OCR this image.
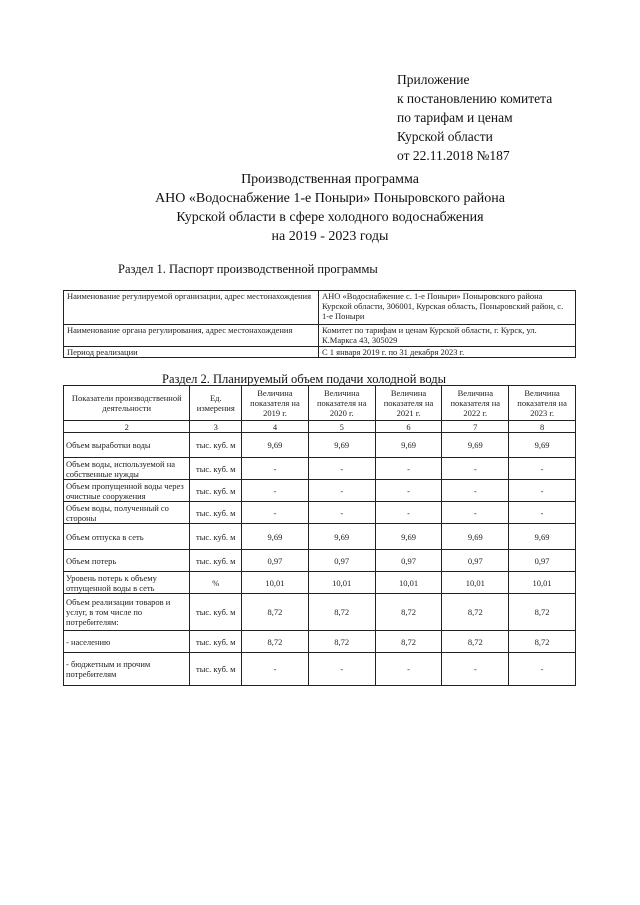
Приложение
к постановлению комитета
по тарифам и ценам
Курской области
от 22.11.2018 №187
Производственная программа
АНО «Водоснабжение 1-е Поныри» Поныровского района
Курской области в сфере холодного водоснабжения
на 2019 - 2023 годы
Раздел 1. Паспорт производственной программы
Наименование регулируемой организации, адрес местонахождения	АНО «Водоснабжение с. 1-е Поныри» Поныровского района Курской области, 306001, Курская область, Поныровский район, с. 1-е Поныри
Наименование органа регулирования, адрес местонахождения	Комитет по тарифам и ценам Курской области, г. Курск, ул. К.Маркса 43, 305029
Период реализации	С 1 января 2019 г. по 31 декабря 2023 г.
Раздел 2. Планируемый объем подачи холодной воды
Показатели производственной деятельности	Ед. измерения	Величина показателя на 2019 г.	Величина показателя на 2020 г.	Величина показателя на 2021 г.	Величина показателя на 2022 г.	Величина показателя на 2023 г.
2	3	4	5	6	7	8
Объем выработки воды	тыс. куб. м	9,69	9,69	9,69	9,69	9,69
Объем воды, используемой на собственные нужды	тыс. куб. м	-	-	-	-	-
Объем пропущенной воды через очистные сооружения	тыс. куб. м	-	-	-	-	-
Объем воды, полученный со стороны	тыс. куб. м	-	-	-	-	-
Объем отпуска в сеть	тыс. куб. м	9,69	9,69	9,69	9,69	9,69
Объем потерь	тыс. куб. м	0,97	0,97	0,97	0,97	0,97
Уровень потерь к объему отпущенной воды в сеть	%	10,01	10,01	10,01	10,01	10,01
Объем реализации товаров и услуг, в том числе по потребителям:	тыс. куб. м	8,72	8,72	8,72	8,72	8,72
- населению	тыс. куб. м	8,72	8,72	8,72	8,72	8,72
- бюджетным и прочим потребителям	тыс. куб. м	-	-	-	-	-
